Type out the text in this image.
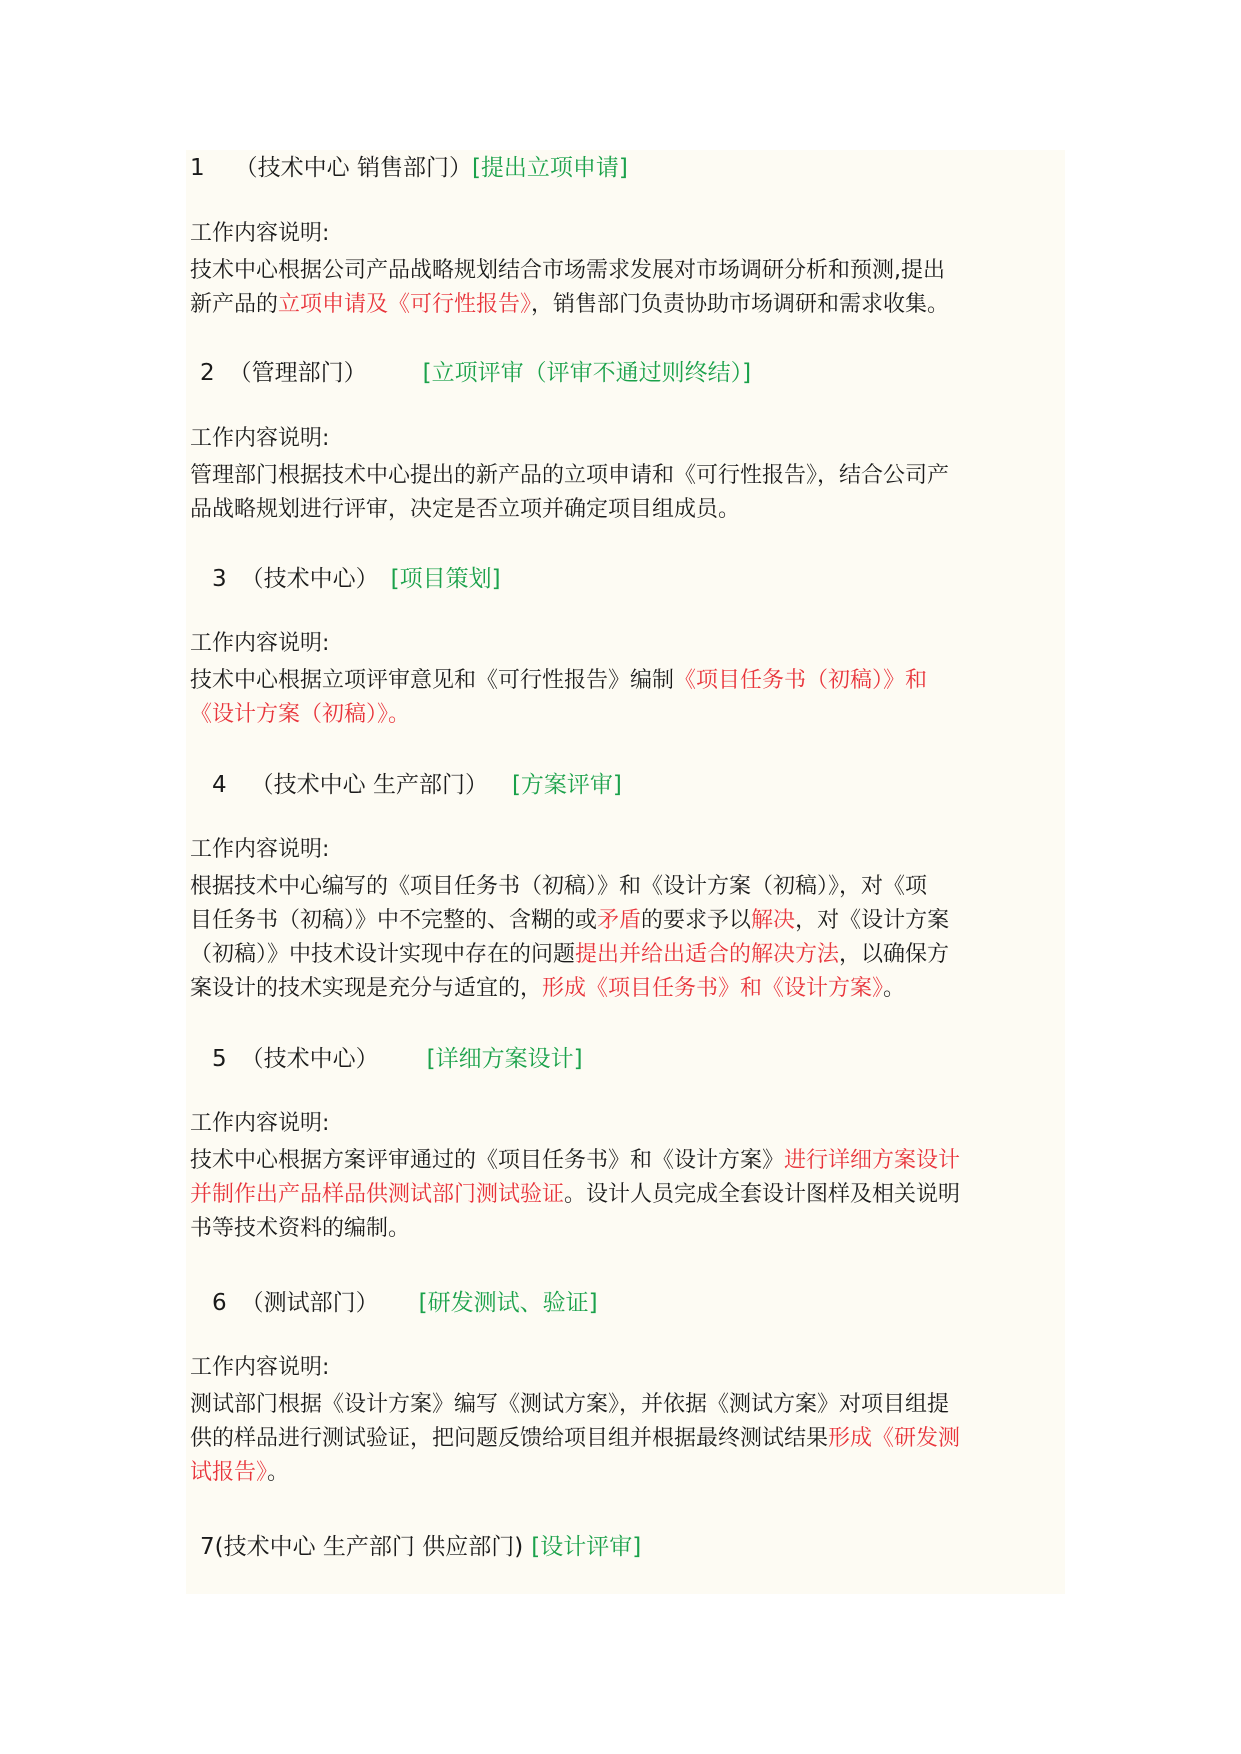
1 （技术中心 销售部门）[提出立项申请]
工作内容说明:
技术中心根据公司产品战略规划结合市场需求发展对市场调研分析和预测,提出
新产品的立项申请及《可行性报告》，销售部门负责协助市场调研和需求收集。
2 （管理部门） [立项评审（评审不通过则终结）]
工作内容说明:
管理部门根据技术中心提出的新产品的立项申请和《可行性报告》，结合公司产
品战略规划进行评审，决定是否立项并确定项目组成员。
3 （技术中心） [项目策划]
工作内容说明:
技术中心根据立项评审意见和《可行性报告》编制《项目任务书（初稿）》和
《设计方案（初稿）》。
4 （技术中心 生产部门） [方案评审]
工作内容说明:
根据技术中心编写的《项目任务书（初稿）》和《设计方案（初稿）》，对《项
目任务书（初稿）》中不完整的、含糊的或矛盾的要求予以解决，对《设计方案
（初稿）》中技术设计实现中存在的问题提出并给出适合的解决方法，以确保方
案设计的技术实现是充分与适宜的，形成《项目任务书》和《设计方案》。
5 （技术中心） [详细方案设计]
工作内容说明:
技术中心根据方案评审通过的《项目任务书》和《设计方案》进行详细方案设计
并制作出产品样品供测试部门测试验证。设计人员完成全套设计图样及相关说明
书等技术资料的编制。
6 （测试部门） [研发测试、验证]
工作内容说明:
测试部门根据《设计方案》编写《测试方案》，并依据《测试方案》对项目组提
供的样品进行测试验证，把问题反馈给项目组并根据最终测试结果形成《研发测
试报告》。
7(技术中心 生产部门 供应部门) [设计评审]
